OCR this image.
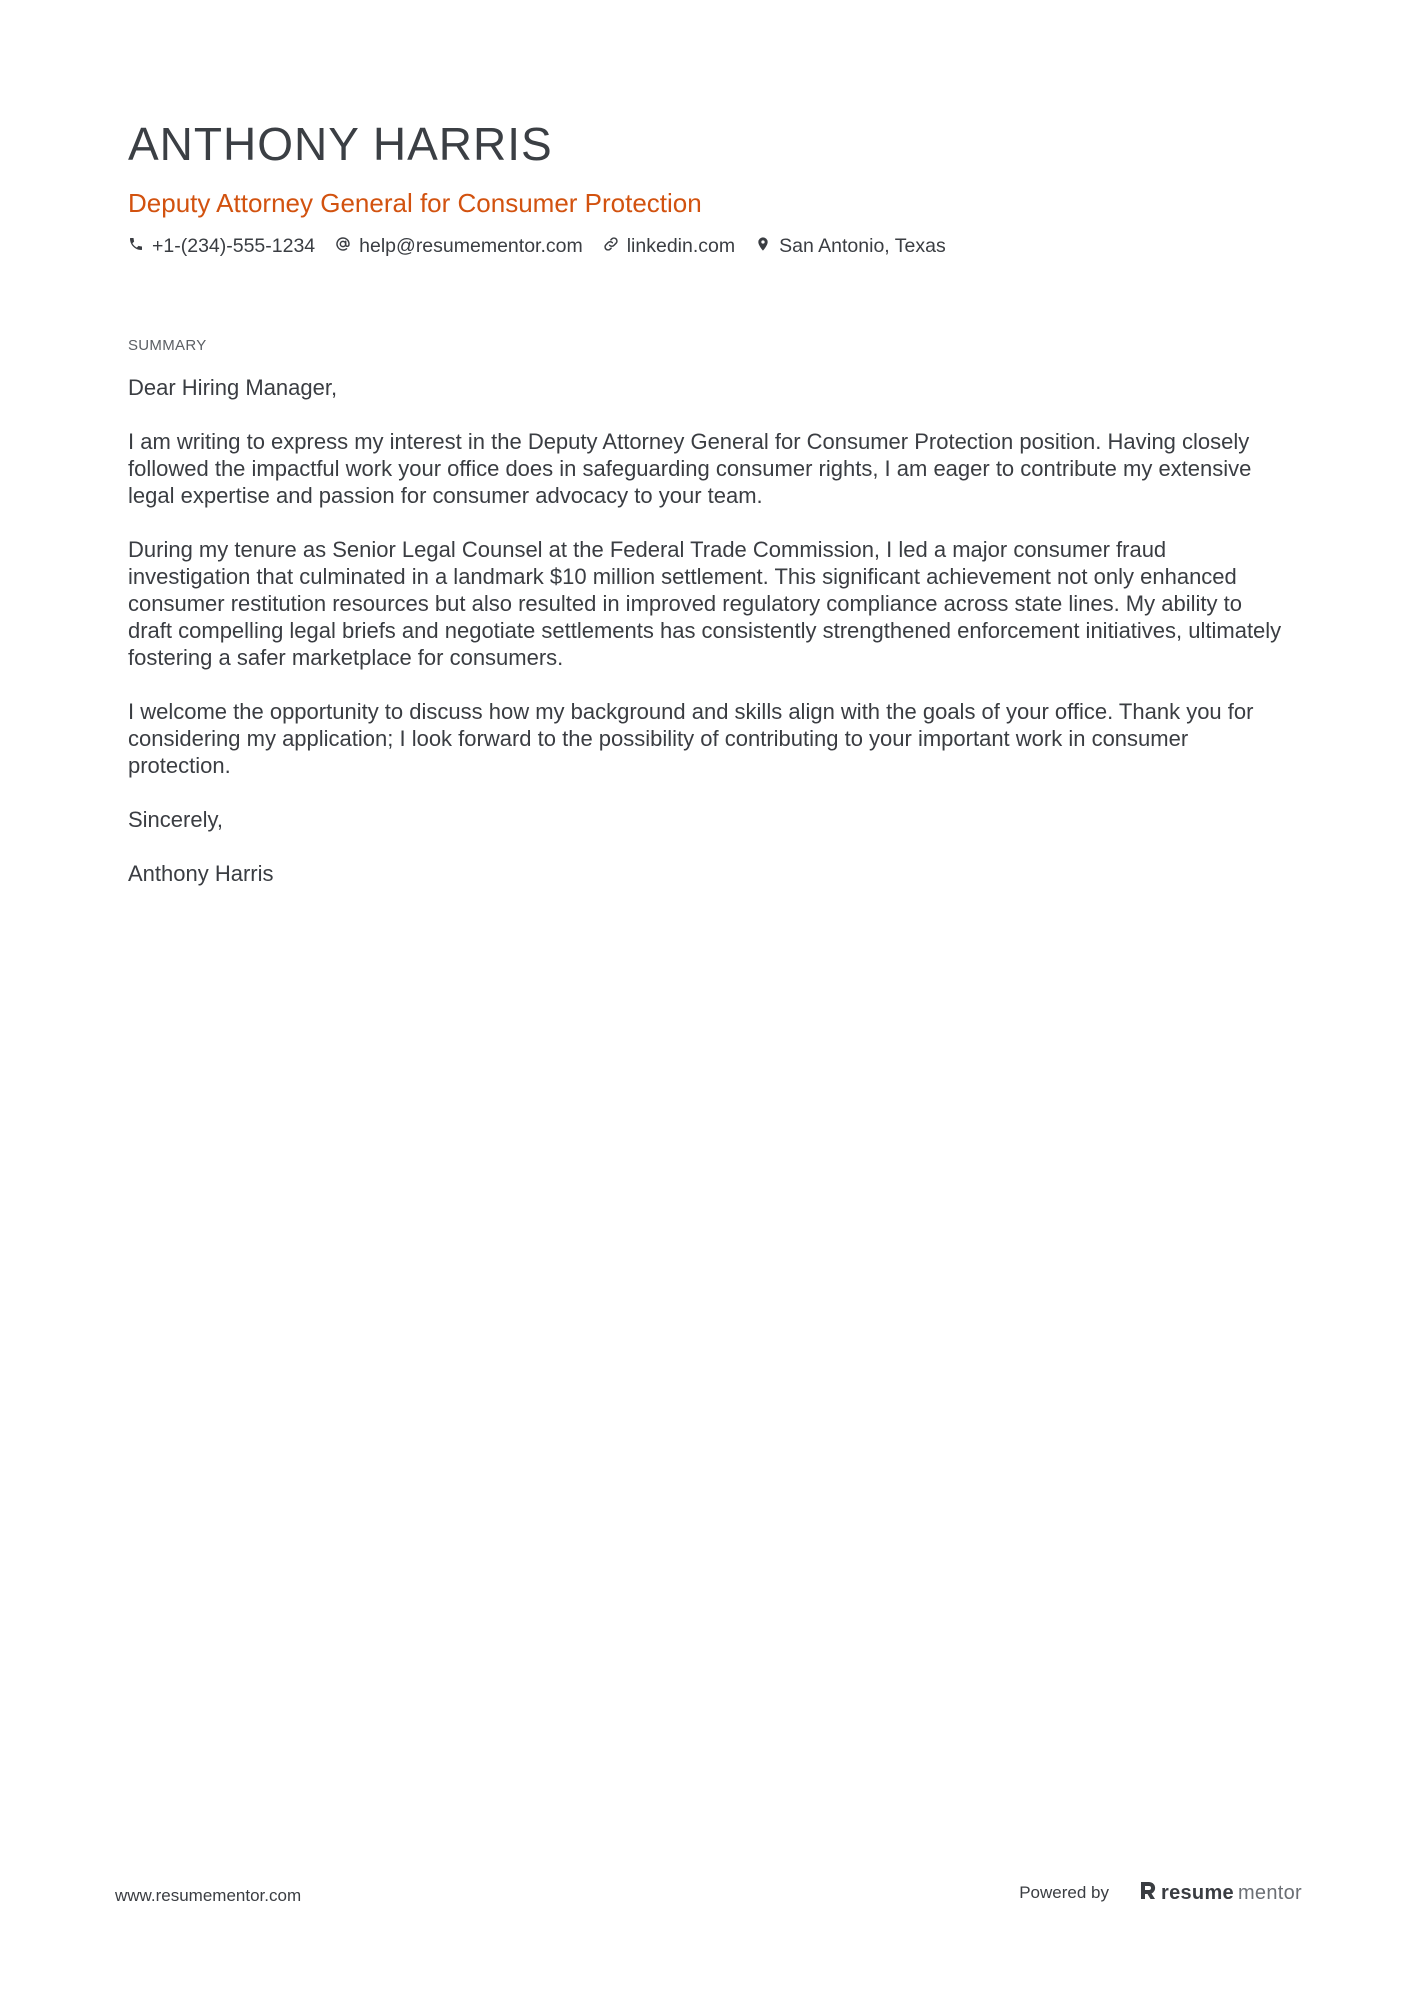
ANTHONY HARRIS
Deputy Attorney General for Consumer Protection
+1-(234)-555-1234 help@resumementor.com linkedin.com San Antonio, Texas
SUMMARY

Dear Hiring Manager,

I am writing to express my interest in the Deputy Attorney General for Consumer Protection position. Having closely followed the impactful work your office does in safeguarding consumer rights, I am eager to contribute my extensive legal expertise and passion for consumer advocacy to your team.

During my tenure as Senior Legal Counsel at the Federal Trade Commission, I led a major consumer fraud investigation that culminated in a landmark $10 million settlement. This significant achievement not only enhanced consumer restitution resources but also resulted in improved regulatory compliance across state lines. My ability to draft compelling legal briefs and negotiate settlements has consistently strengthened enforcement initiatives, ultimately fostering a safer marketplace for consumers.

I welcome the opportunity to discuss how my background and skills align with the goals of your office. Thank you for considering my application; I look forward to the possibility of contributing to your important work in consumer protection.

Sincerely,

Anthony Harris

www.resumementor.com	Powered by	resume mentor
